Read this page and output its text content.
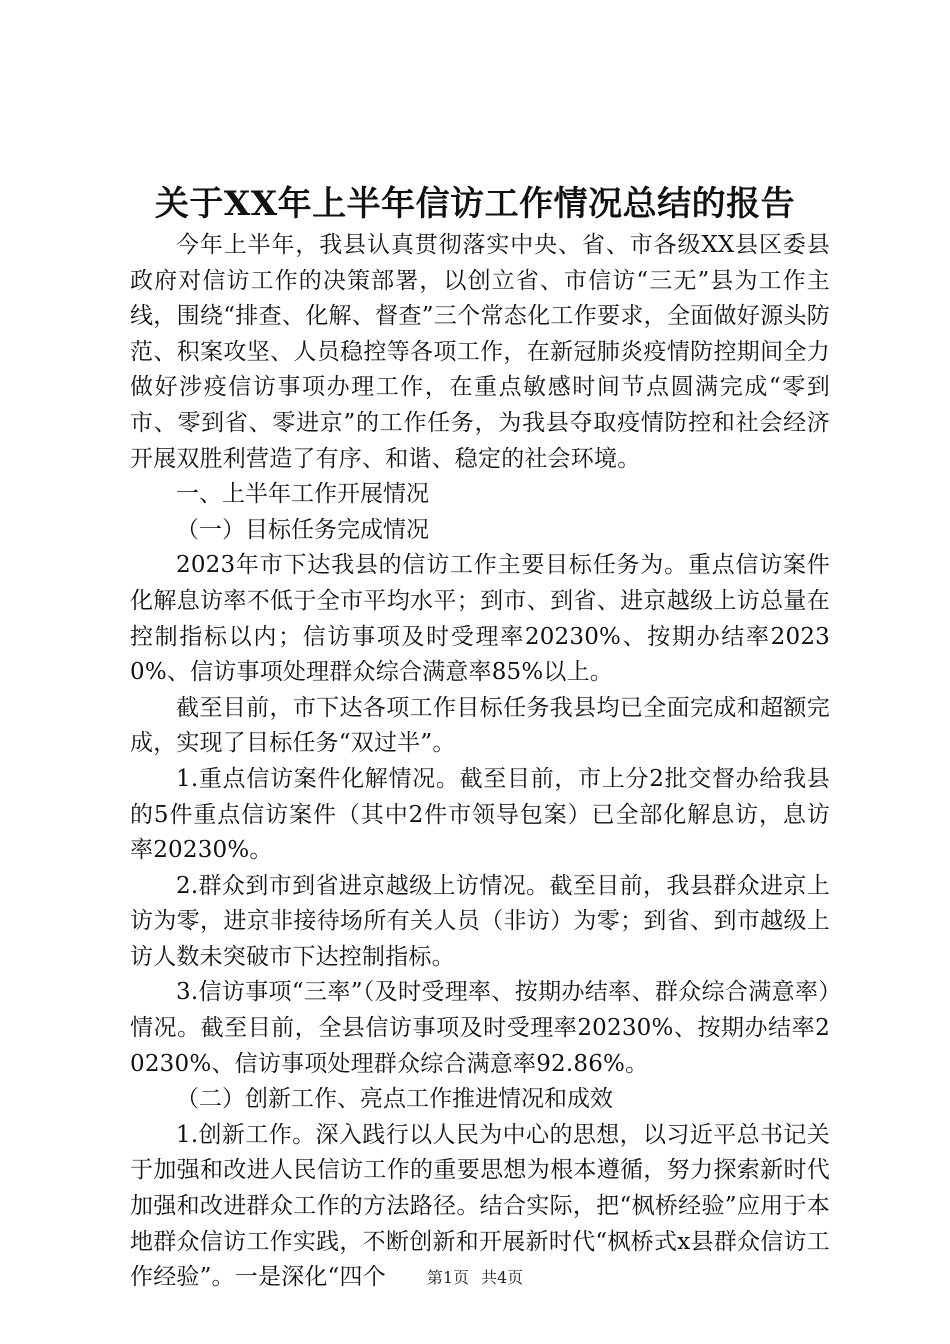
关于XX年上半年信访工作情况总结的报告

今年上半年，我县认真贯彻落实中央、省、市各级XX县区委县政府对信访工作的决策部署，以创立省、市信访“三无”县为工作主线，围绕“排查、化解、督查”三个常态化工作要求，全面做好源头防范、积案攻坚、人员稳控等各项工作，在新冠肺炎疫情防控期间全力做好涉疫信访事项办理工作，在重点敏感时间节点圆满完成“零到市、零到省、零进京”的工作任务，为我县夺取疫情防控和社会经济开展双胜利营造了有序、和谐、稳定的社会环境。

一、上半年工作开展情况

（一）目标任务完成情况

2023年市下达我县的信访工作主要目标任务为。重点信访案件化解息访率不低于全市平均水平；到市、到省、进京越级上访总量在控制指标以内；信访事项及时受理率20230%、按期办结率20230%、信访事项处理群众综合满意率85%以上。

截至目前，市下达各项工作目标任务我县均已全面完成和超额完成，实现了目标任务“双过半”。

1.重点信访案件化解情况。截至目前，市上分2批交督办给我县的5件重点信访案件（其中2件市领导包案）已全部化解息访，息访率20230%。

2.群众到市到省进京越级上访情况。截至目前，我县群众进京上访为零，进京非接待场所有关人员（非访）为零；到省、到市越级上访人数未突破市下达控制指标。

3.信访事项“三率”（及时受理率、按期办结率、群众综合满意率）情况。截至目前，全县信访事项及时受理率20230%、按期办结率20230%、信访事项处理群众综合满意率92.86%。

（二）创新工作、亮点工作推进情况和成效

1.创新工作。深入践行以人民为中心的思想，以习近平总书记关于加强和改进人民信访工作的重要思想为根本遵循，努力探索新时代加强和改进群众工作的方法路径。结合实际，把“枫桥经验”应用于本地群众信访工作实践，不断创新和开展新时代“枫桥式x县群众信访工作经验”。一是深化“四个	第1页 共4页
